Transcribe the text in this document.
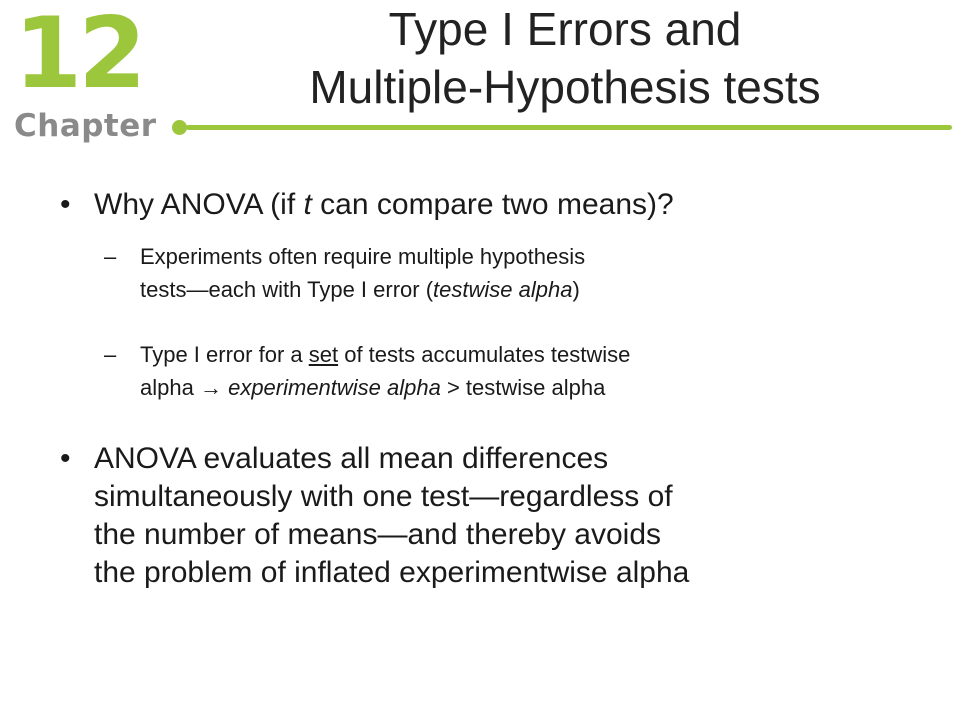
12
Chapter
Type I Errors and
Multiple-Hypothesis tests
• Why ANOVA (if t can compare two means)?
– Experiments often require multiple hypothesis
tests—each with Type I error (testwise alpha)
– Type I error for a set of tests accumulates testwise
alpha → experimentwise alpha > testwise alpha
• ANOVA evaluates all mean differences
simultaneously with one test—regardless of
the number of means—and thereby avoids
the problem of inflated experimentwise alpha
